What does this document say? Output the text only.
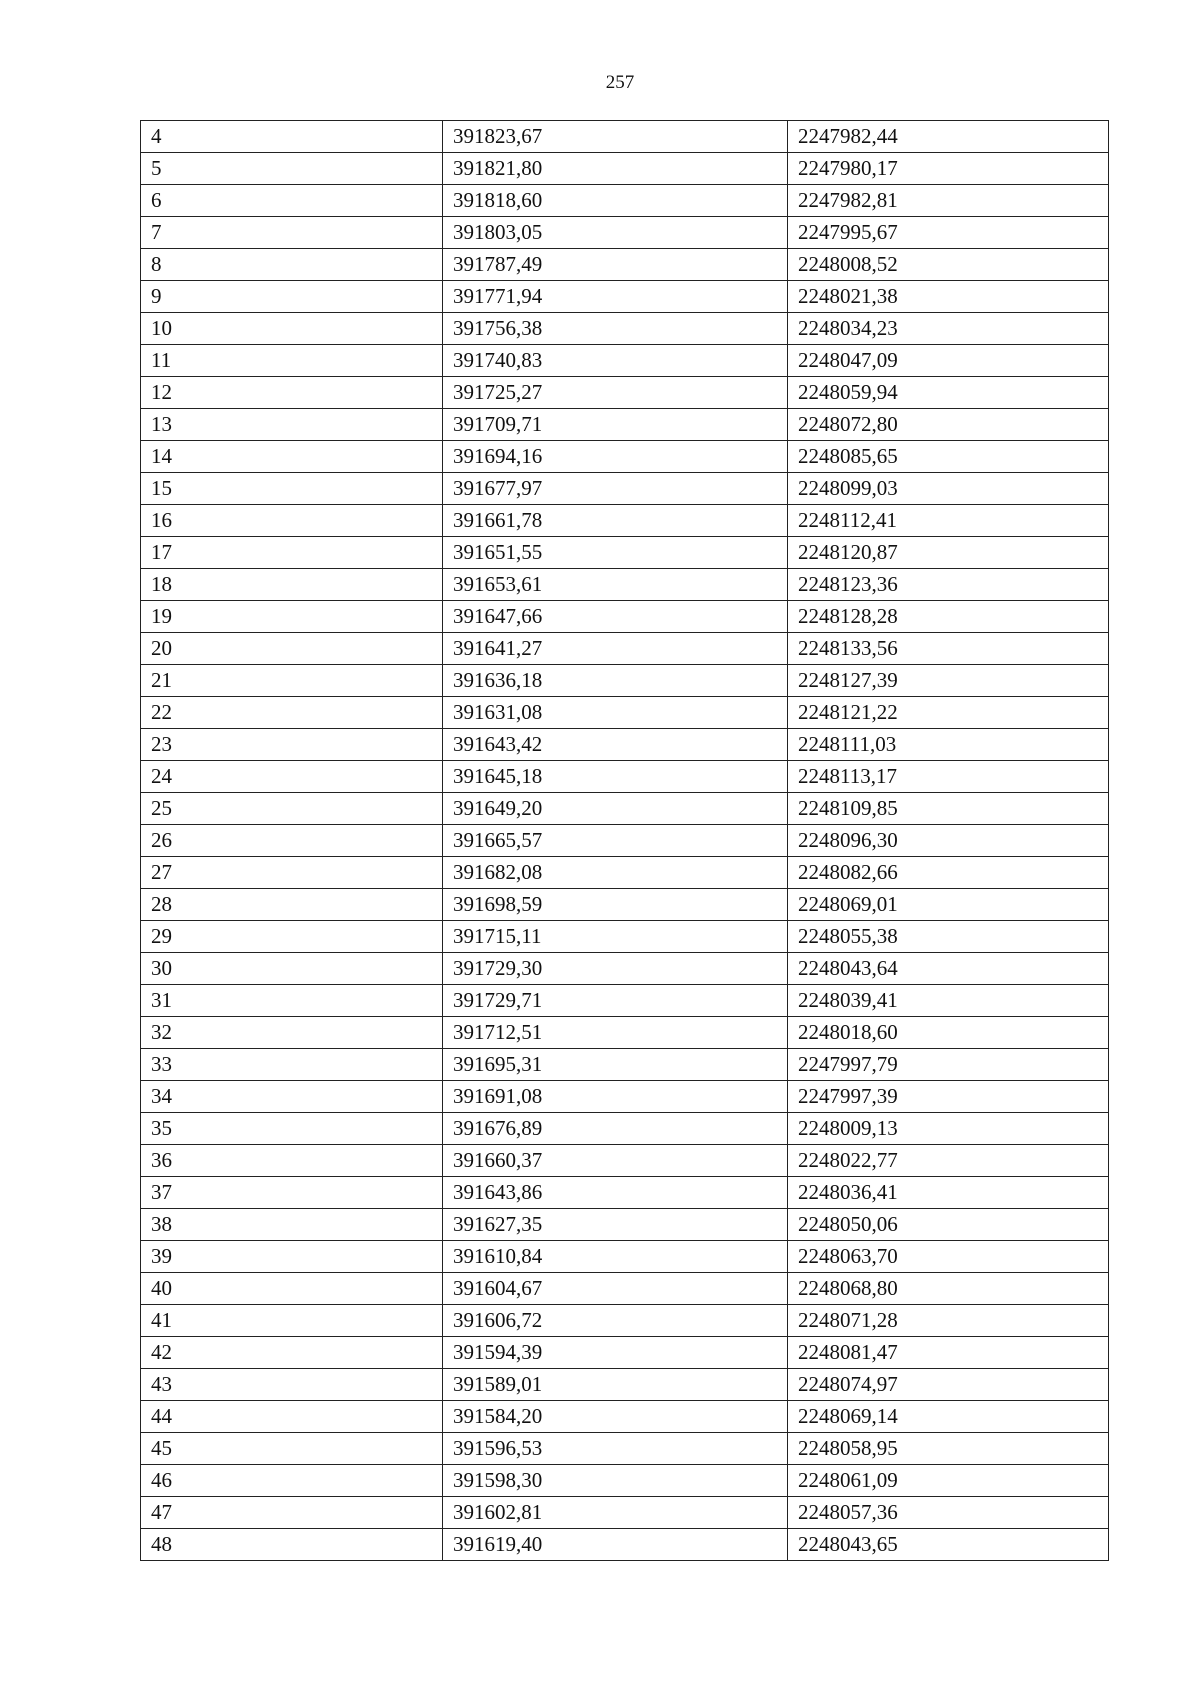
257
4	391823,67	2247982,44
5	391821,80	2247980,17
6	391818,60	2247982,81
7	391803,05	2247995,67
8	391787,49	2248008,52
9	391771,94	2248021,38
10	391756,38	2248034,23
11	391740,83	2248047,09
12	391725,27	2248059,94
13	391709,71	2248072,80
14	391694,16	2248085,65
15	391677,97	2248099,03
16	391661,78	2248112,41
17	391651,55	2248120,87
18	391653,61	2248123,36
19	391647,66	2248128,28
20	391641,27	2248133,56
21	391636,18	2248127,39
22	391631,08	2248121,22
23	391643,42	2248111,03
24	391645,18	2248113,17
25	391649,20	2248109,85
26	391665,57	2248096,30
27	391682,08	2248082,66
28	391698,59	2248069,01
29	391715,11	2248055,38
30	391729,30	2248043,64
31	391729,71	2248039,41
32	391712,51	2248018,60
33	391695,31	2247997,79
34	391691,08	2247997,39
35	391676,89	2248009,13
36	391660,37	2248022,77
37	391643,86	2248036,41
38	391627,35	2248050,06
39	391610,84	2248063,70
40	391604,67	2248068,80
41	391606,72	2248071,28
42	391594,39	2248081,47
43	391589,01	2248074,97
44	391584,20	2248069,14
45	391596,53	2248058,95
46	391598,30	2248061,09
47	391602,81	2248057,36
48	391619,40	2248043,65
